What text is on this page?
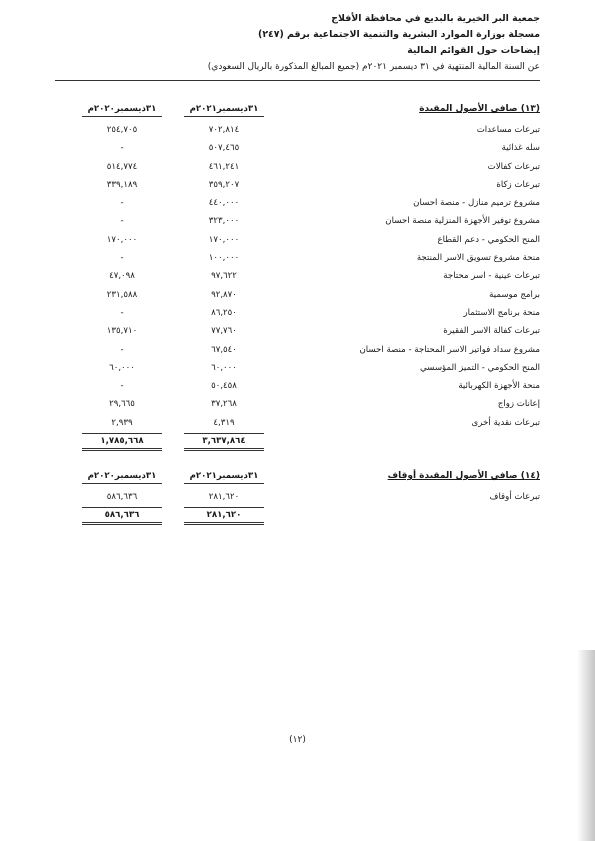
جمعية البر الخيرية بالبديع في محافظة الأفلاج
مسجلة بوزارة الموارد البشرية والتنمية الاجتماعية برقم (٢٤٧)
إيضاحات حول القوائم المالية
عن السنة المالية المنتهية في ٣١ ديسمبر ٢٠٢١م (جميع المبالغ المذكورة بالريال السعودي)
(١٣) صافي الأصول المقيدة
٣١ديسمبر٢٠٢١م
٣١ديسمبر٢٠٢٠م
تبرعات مساعدات
٧٠٢,٨١٤
٢٥٤,٧٠٥
سله غذائية
٥٠٧,٤٦٥
-
تبرعات كفالات
٤٦١,٢٤١
٥١٤,٧٧٤
تبرعات زكاة
٣٥٩,٢٠٧
٣٣٩,١٨٩
مشروع ترميم منازل - منصة احسان
٤٤٠,٠٠٠
-
مشروع توفير الأجهزة المنزلية منصة احسان
٣٢٣,٠٠٠
-
المنح الحكومي - دعم القطاع
١٧٠,٠٠٠
١٧٠,٠٠٠
منحة مشروع تسويق الاسر المنتجة
١٠٠,٠٠٠
-
تبرعات عينية - اسر محتاجة
٩٧,٦٢٢
٤٧,٠٩٨
برامج موسمية
٩٢,٨٧٠
٢٣١,٥٨٨
منحة برنامج الاستثمار
٨٦,٢٥٠
-
تبرعات كفالة الاسر الفقيرة
٧٧,٧٦٠
١٣٥,٧١٠
مشروع سداد فواتير الاسر المحتاجة - منصة احسان
٦٧,٥٤٠
-
المنح الحكومي - التميز المؤسسي
٦٠,٠٠٠
٦٠,٠٠٠
منحة الأجهزة الكهربائية
٥٠,٤٥٨
-
إعانات زواج
٣٧,٢٦٨
٢٩,٦٦٥
تبرعات نقدية أخرى
٤,٣١٩
٢,٩٣٩
٣,٦٣٧,٨٦٤
١,٧٨٥,٦٦٨
(١٤) صافي الأصول المقيدة أوقاف
٣١ديسمبر٢٠٢١م
٣١ديسمبر٢٠٢٠م
تبرعات أوقاف
٢٨١,٦٢٠
٥٨٦,٦٣٦
٢٨١,٦٢٠
٥٨٦,٦٣٦
(١٢)
